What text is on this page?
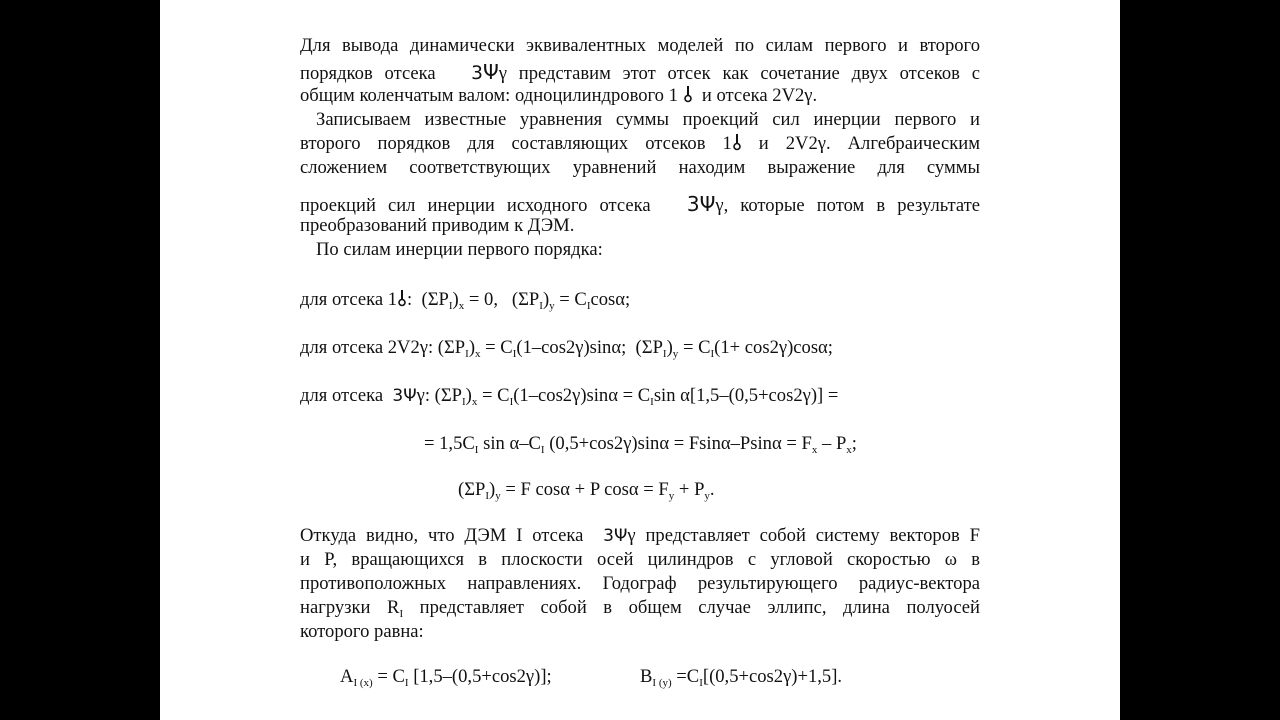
Для вывода динамически эквивалентных моделей по силам первого и второго
порядков отсека 3Ψγ представим этот отсек как сочетание двух отсеков с
общим коленчатым валом: одноцилиндрового 1 и отсека 2V2γ.
Записываем известные уравнения суммы проекций сил инерции первого и
второго порядков для составляющих отсеков 1 и 2V2γ. Алгебраическим
сложением соответствующих уравнений находим выражение для суммы
проекций сил инерции исходного отсека 3Ψγ, которые потом в результате
преобразований приводим к ДЭМ.
По силам инерции первого порядка:
для отсека 1 : $(\Sigma P_I)_x = 0$,   $(\Sigma P_I)_y = C_I\cos\alpha$;
для отсека 2V2γ: $(\Sigma P_I)_x = C_I(1-\cos 2\gamma)\sin\alpha$;  $(\Sigma P_I)_y = C_I(1+ \cos 2\gamma)\cos\alpha$;
для отсека 3Ψγ: $(\Sigma P_I)_x = C_I(1-\cos 2\gamma)\sin\alpha = C_I\sin$ α[1,5–(0,5+cos2γ)] =
= $1,5C_I$ $\sin \alpha-C_I$ $(0,5+\cos 2\gamma)\sin\alpha = Fsin\alpha-Psin\alpha = F_x - P_x$;
$(\Sigma P_I)_y = F$ cosα + P $\cos\alpha = F_y + P_y$.
Откуда видно, что ДЭМ I отсека 3Ψγ представляет собой систему векторов F
и P, вращающихся в плоскости осей цилиндров с угловой скоростью ω в
противоположных направлениях. Годограф результирующего радиус-вектора
нагрузки $R_I$ представляет собой в общем случае эллипс, длина полуосей
которого равна:
$A_{I (x)} = C_I$ [1,5–(0,5+cos2γ)];	$B_{I (y)} =C_I[(0,5+\cos 2\gamma)+1,5]$.
